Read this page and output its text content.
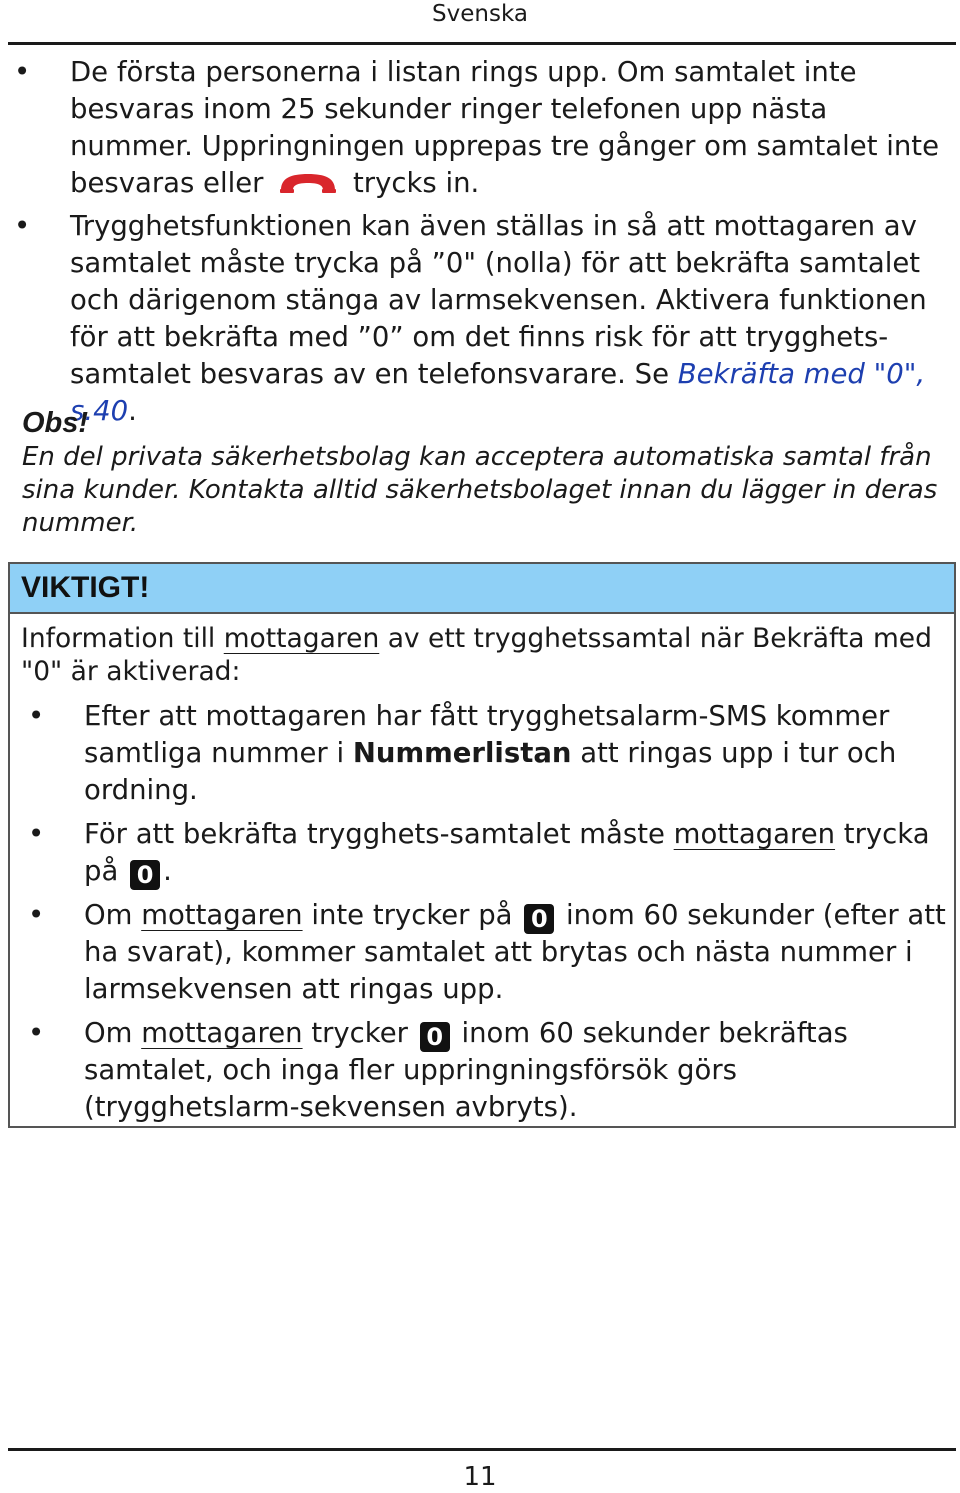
Svenska
• De första personerna i listan rings upp. Om samtalet inte besvaras inom 25 sekunder ringer telefonen upp nästa nummer. Uppringningen upprepas tre gånger om samtalet inte besvaras eller	trycks in.
• Trygghetsfunktionen kan även ställas in så att mottagaren av samtalet måste trycka på ”0" (nolla) för att bekräfta samtalet och därigenom stänga av larmsekvensen. Aktivera funktionen för att bekräfta med ”0” om det finns risk för att trygghets-samtalet besvaras av en telefonsvarare. Se Bekräfta med "0", s.40.
Obs!
En del privata säkerhetsbolag kan acceptera automatiska samtal från sina kunder. Kontakta alltid säkerhetsbolaget innan du lägger in deras nummer.
VIKTIGT!
Information till mottagaren av ett trygghetssamtal när Bekräfta med "0" är aktiverad:
• Efter att mottagaren har fått trygghetsalarm-SMS kommer samtliga nummer i Nummerlistan att ringas upp i tur och ordning.
• För att bekräfta trygghets-samtalet måste mottagaren trycka på 0 .
• Om mottagaren inte trycker på 0 inom 60 sekunder (efter att ha svarat), kommer samtalet att brytas och nästa nummer i larmsekvensen att ringas upp.
• Om mottagaren trycker 0 inom 60 sekunder bekräftas samtalet, och inga fler uppringningsförsök görs (trygghetslarm-sekvensen avbryts).
11
